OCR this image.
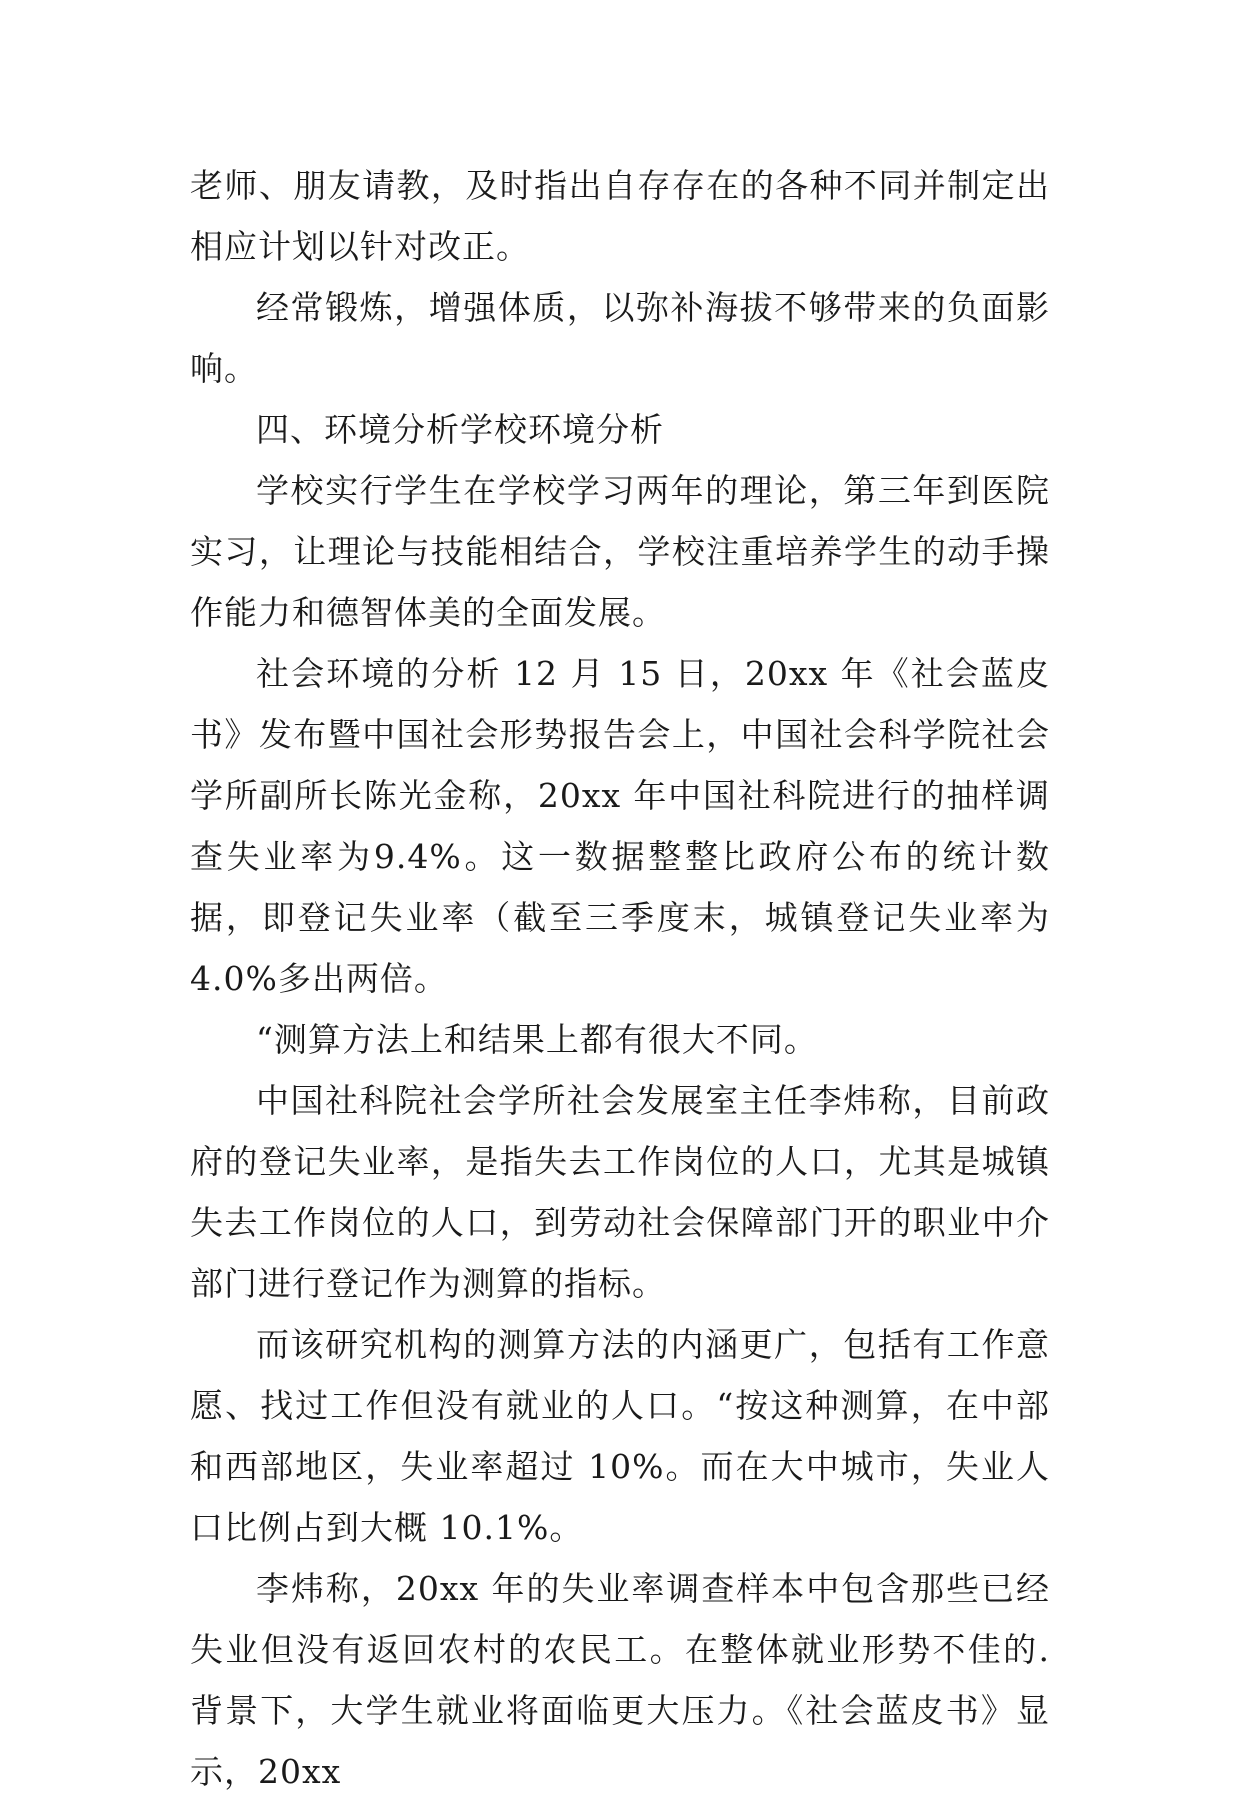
老师、朋友请教，及时指出自存存在的各种不同并制定出相应计划以针对改正。

经常锻炼，增强体质，以弥补海拔不够带来的负面影响。

四、环境分析学校环境分析

学校实行学生在学校学习两年的理论，第三年到医院实习，让理论与技能相结合，学校注重培养学生的动手操作能力和德智体美的全面发展。

社会环境的分析 12 月 15 日，20xx 年《社会蓝皮书》发布暨中国社会形势报告会上，中国社会科学院社会学所副所长陈光金称，20xx 年中国社科院进行的抽样调查失业率为9.4%。这一数据整整比政府公布的统计数据，即登记失业率（截至三季度末，城镇登记失业率为 4.0%多出两倍。

“测算方法上和结果上都有很大不同。

中国社科院社会学所社会发展室主任李炜称，目前政府的登记失业率，是指失去工作岗位的人口，尤其是城镇失去工作岗位的人口，到劳动社会保障部门开的职业中介部门进行登记作为测算的指标。

而该研究机构的测算方法的内涵更广，包括有工作意愿、找过工作但没有就业的人口。“按这种测算，在中部和西部地区，失业率超过 10%。而在大中城市，失业人口比例占到大概 10.1%。

李炜称，20xx 年的失业率调查样本中包含那些已经失业但没有返回农村的农民工。在整体就业形势不佳的.背景下，大学生就业将面临更大压力。《社会蓝皮书》显示，20xx
